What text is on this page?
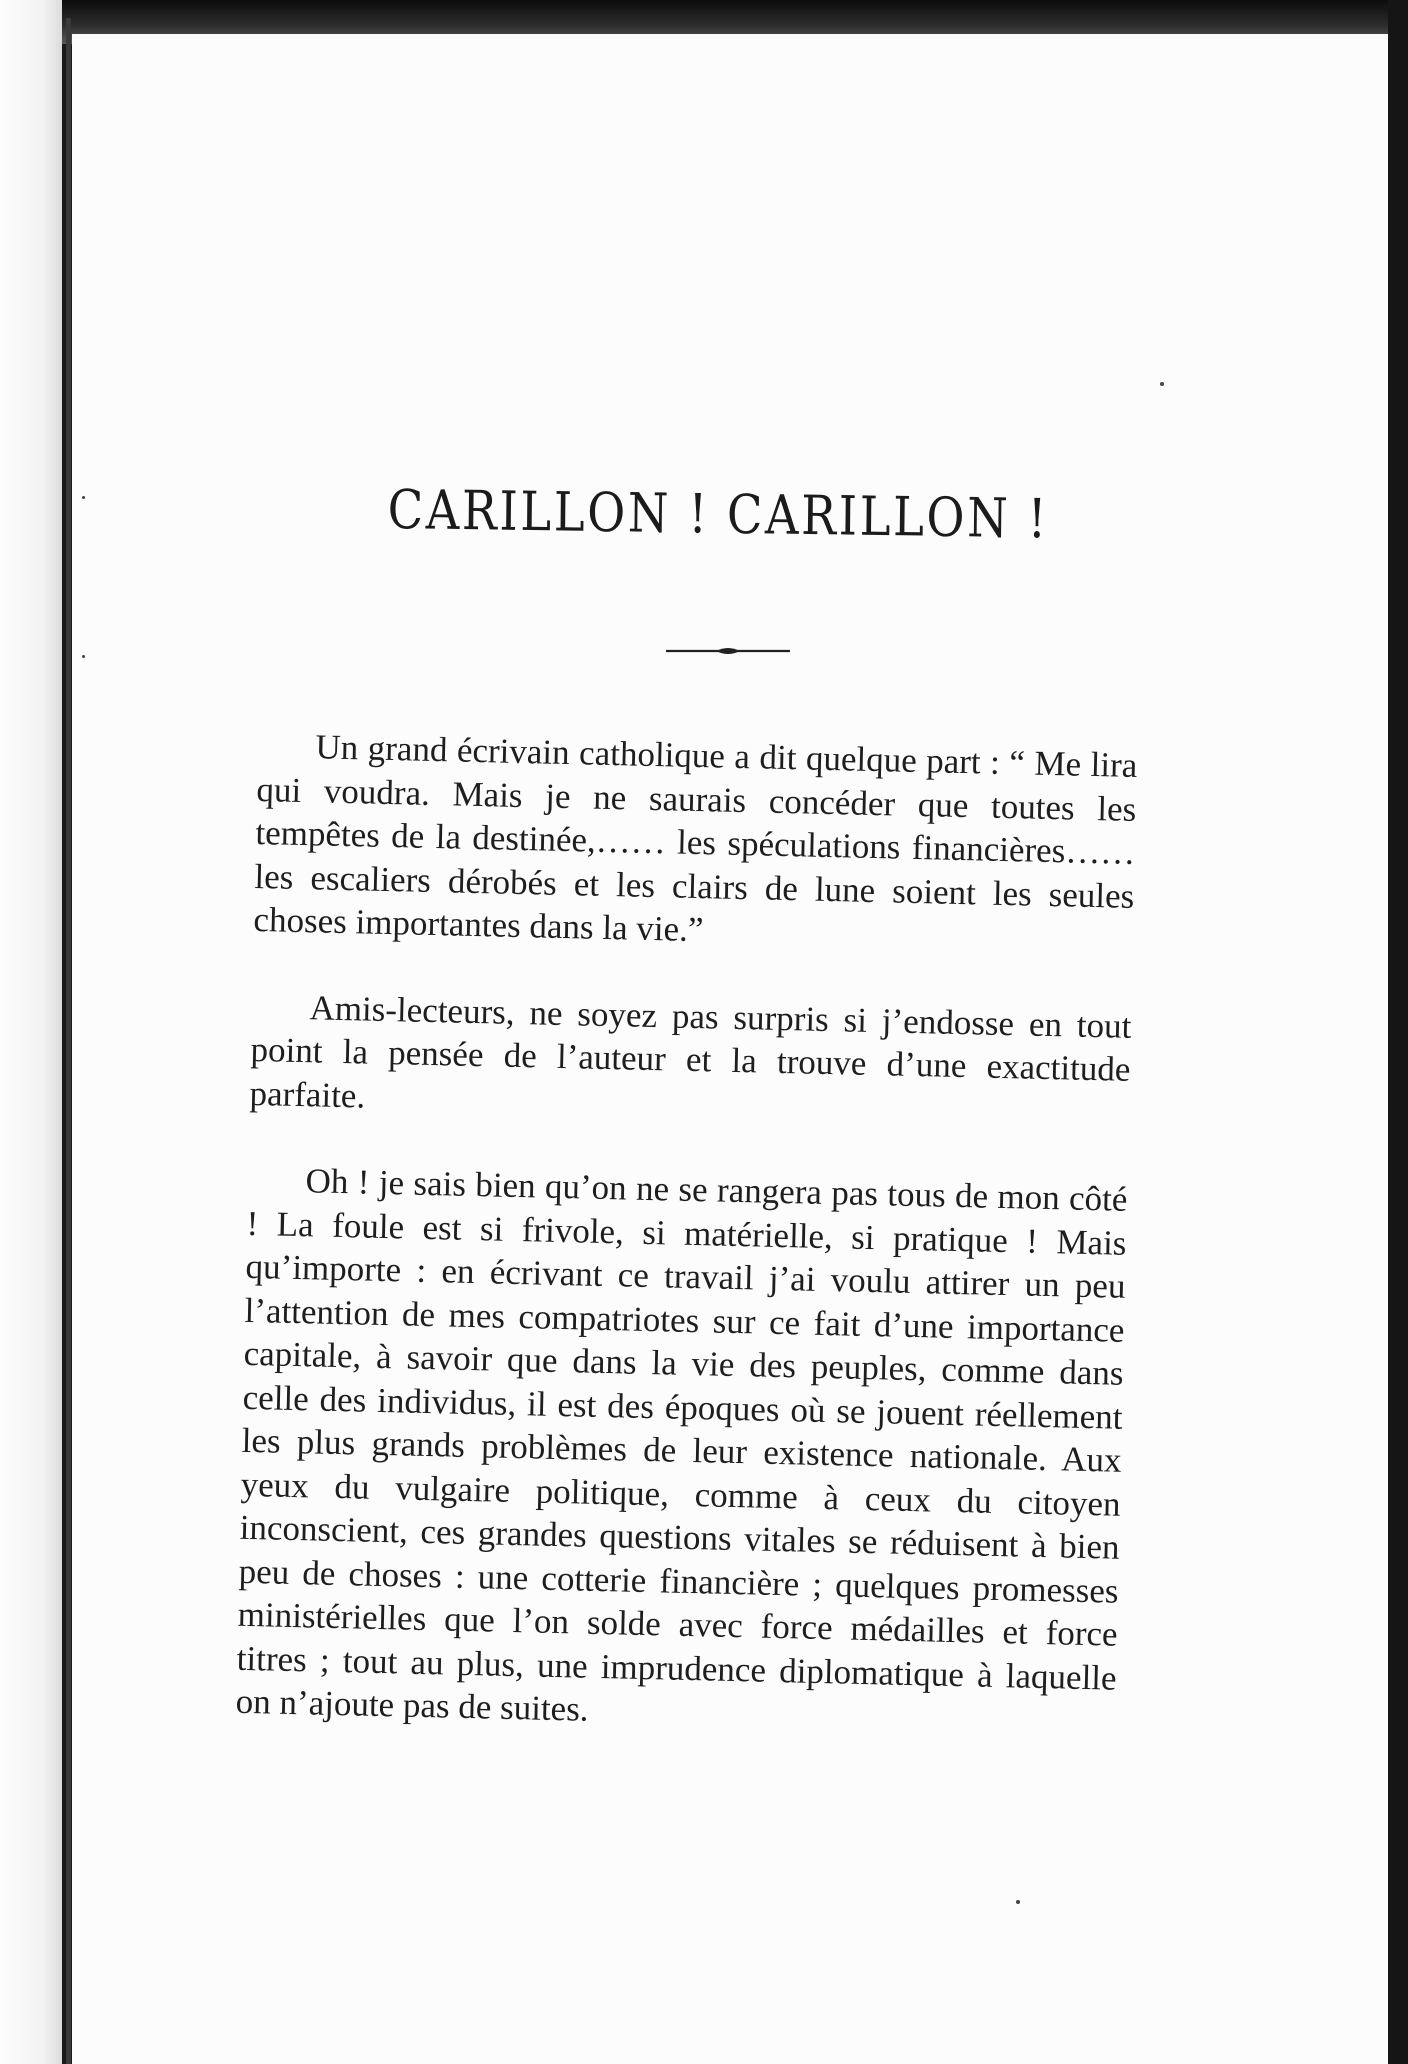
CARILLON ! CARILLON !

Un grand écrivain catholique a dit quelque part : “ Me lira qui voudra. Mais je ne saurais concéder que toutes les tempêtes de la destinée,…… les spéculations financières…… les escaliers dérobés et les clairs de lune soient les seules choses importantes dans la vie.”

Amis-lecteurs, ne soyez pas surpris si j’endosse en tout point la pensée de l’auteur et la trouve d’une exactitude parfaite.

Oh ! je sais bien qu’on ne se rangera pas tous de mon côté ! La foule est si frivole, si matérielle, si pratique ! Mais qu’importe : en écrivant ce travail j’ai voulu attirer un peu l’attention de mes compatriotes sur ce fait d’une importance capitale, à savoir que dans la vie des peuples, comme dans celle des individus, il est des époques où se jouent réellement les plus grands problèmes de leur existence nationale. Aux yeux du vulgaire politique, comme à ceux du citoyen inconscient, ces grandes questions vitales se réduisent à bien peu de choses : une cotterie financière ; quelques promesses ministérielles que l’on solde avec force médailles et force titres ; tout au plus, une imprudence diplomatique à laquelle on n’ajoute pas de suites.
